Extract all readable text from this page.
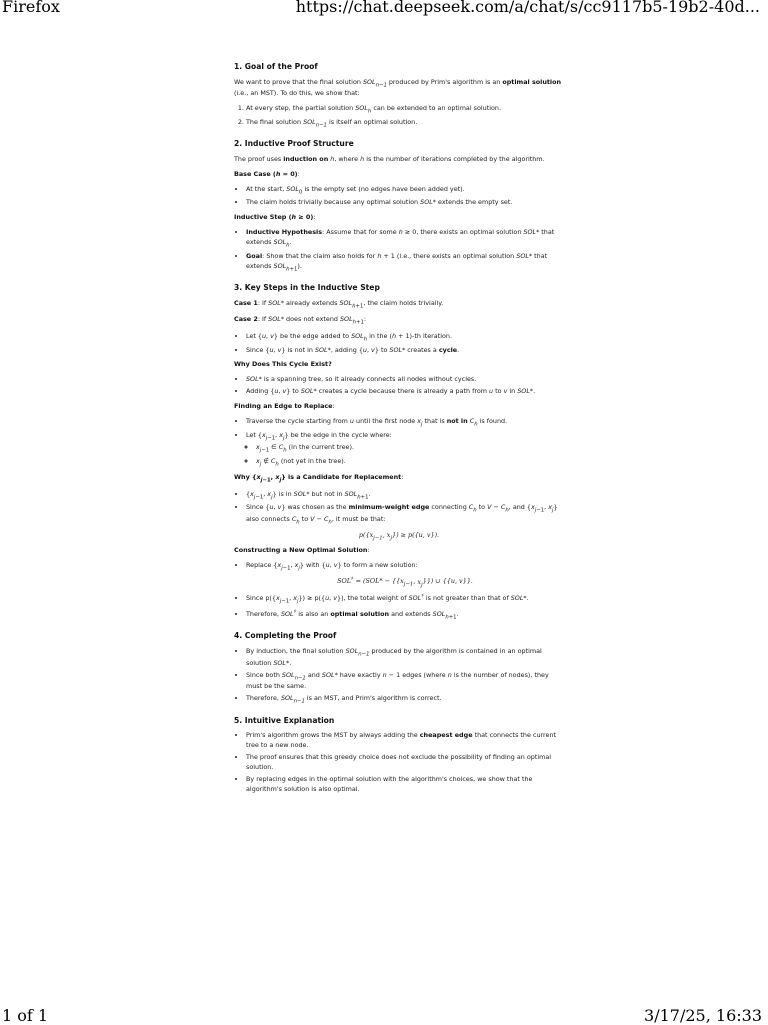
Firefox	https://chat.deepseek.com/a/chat/s/cc9117b5-19b2-40d...
1. Goal of the Proof

We want to prove that the final solution $SOL_{n-1}$ produced by Prim's algorithm is an optimal solution (i.e., an MST). To do this, we show that:

1. At every step, the partial solution $SOL_h$ can be extended to an optimal solution.
2. The final solution $SOL_{n-1}$ is itself an optimal solution.
2. Inductive Proof Structure

The proof uses induction on h, where h is the number of iterations completed by the algorithm.

Base Case (h = 0):

• At the start, $SOL_0$ is the empty set (no edges have been added yet).
• The claim holds trivially because any optimal solution SOL* extends the empty set.

Inductive Step (h ≥ 0):

• Inductive Hypothesis: Assume that for some h ≥ 0, there exists an optimal solution SOL* that extends $SOL_h$.
• Goal: Show that the claim also holds for h + 1 (i.e., there exists an optimal solution SOL* that extends $SOL_{h+1}$).
3. Key Steps in the Inductive Step

Case 1: If SOL* already extends $SOL_{h+1}$, the claim holds trivially.

Case 2: If SOL* does not extend $SOL_{h+1}$:

• Let {u, v} be the edge added to $SOL_h$ in the (h + 1)-th iteration.
• Since {u, v} is not in SOL*, adding {u, v} to SOL* creates a cycle.

Why Does This Cycle Exist?

• SOL* is a spanning tree, so it already connects all nodes without cycles.
• Adding {u, v} to SOL* creates a cycle because there is already a path from u to v in SOL*.

Finding an Edge to Replace:

• Traverse the cycle starting from u until the first node $x_j$ that is not in $C_h$ is found.
• Let {$x_{j-1}$, $x_j$} be the edge in the cycle where:
◦ $x_{j-1}$ ∈ $C_h$ (in the current tree).
◦ $x_j$ ∉ $C_h$ (not yet in the tree).

Why {$x_{j-1}$, $x_j$} is a Candidate for Replacement:

• {$x_{j-1}$, $x_j$} is in SOL* but not in $SOL_{h+1}$.
• Since {u, v} was chosen as the minimum-weight edge connecting $C_h$ to $V - C_h$, and {$x_{j-1}$, $x_j$} also connects $C_h$ to $V - C_h$, it must be that:
$p(\{x_{j-1}$, $x_j\}) \ge p(\{u$, v}).

Constructing a New Optimal Solution:

• Replace {$x_{j-1}$, $x_j$} with {u, v} to form a new solution:
$SOL^♯ = (SOL* - \{\{x_{j-1}$, $x_j$}}) ∪ {{u, v}}.
• Since $p(\{x_{j-1}$, $x_j\}) \ge p(\{u$, v}), the total weight of SOL♯ is not greater than that of SOL*.
• Therefore, SOL♯ is also an optimal solution and extends $SOL_{h+1}$.
4. Completing the Proof
• By induction, the final solution $SOL_{n-1}$ produced by the algorithm is contained in an optimal solution SOL*.
• Since both $SOL_{n-1}$ and SOL* have exactly n − 1 edges (where n is the number of nodes), they must be the same.
• Therefore, $SOL_{n-1}$ is an MST, and Prim's algorithm is correct.
5. Intuitive Explanation
• Prim's algorithm grows the MST by always adding the cheapest edge that connects the current tree to a new node.
• The proof ensures that this greedy choice does not exclude the possibility of finding an optimal solution.
• By replacing edges in the optimal solution with the algorithm's choices, we show that the algorithm's solution is also optimal.
1 of 1	3/17/25, 16:33
